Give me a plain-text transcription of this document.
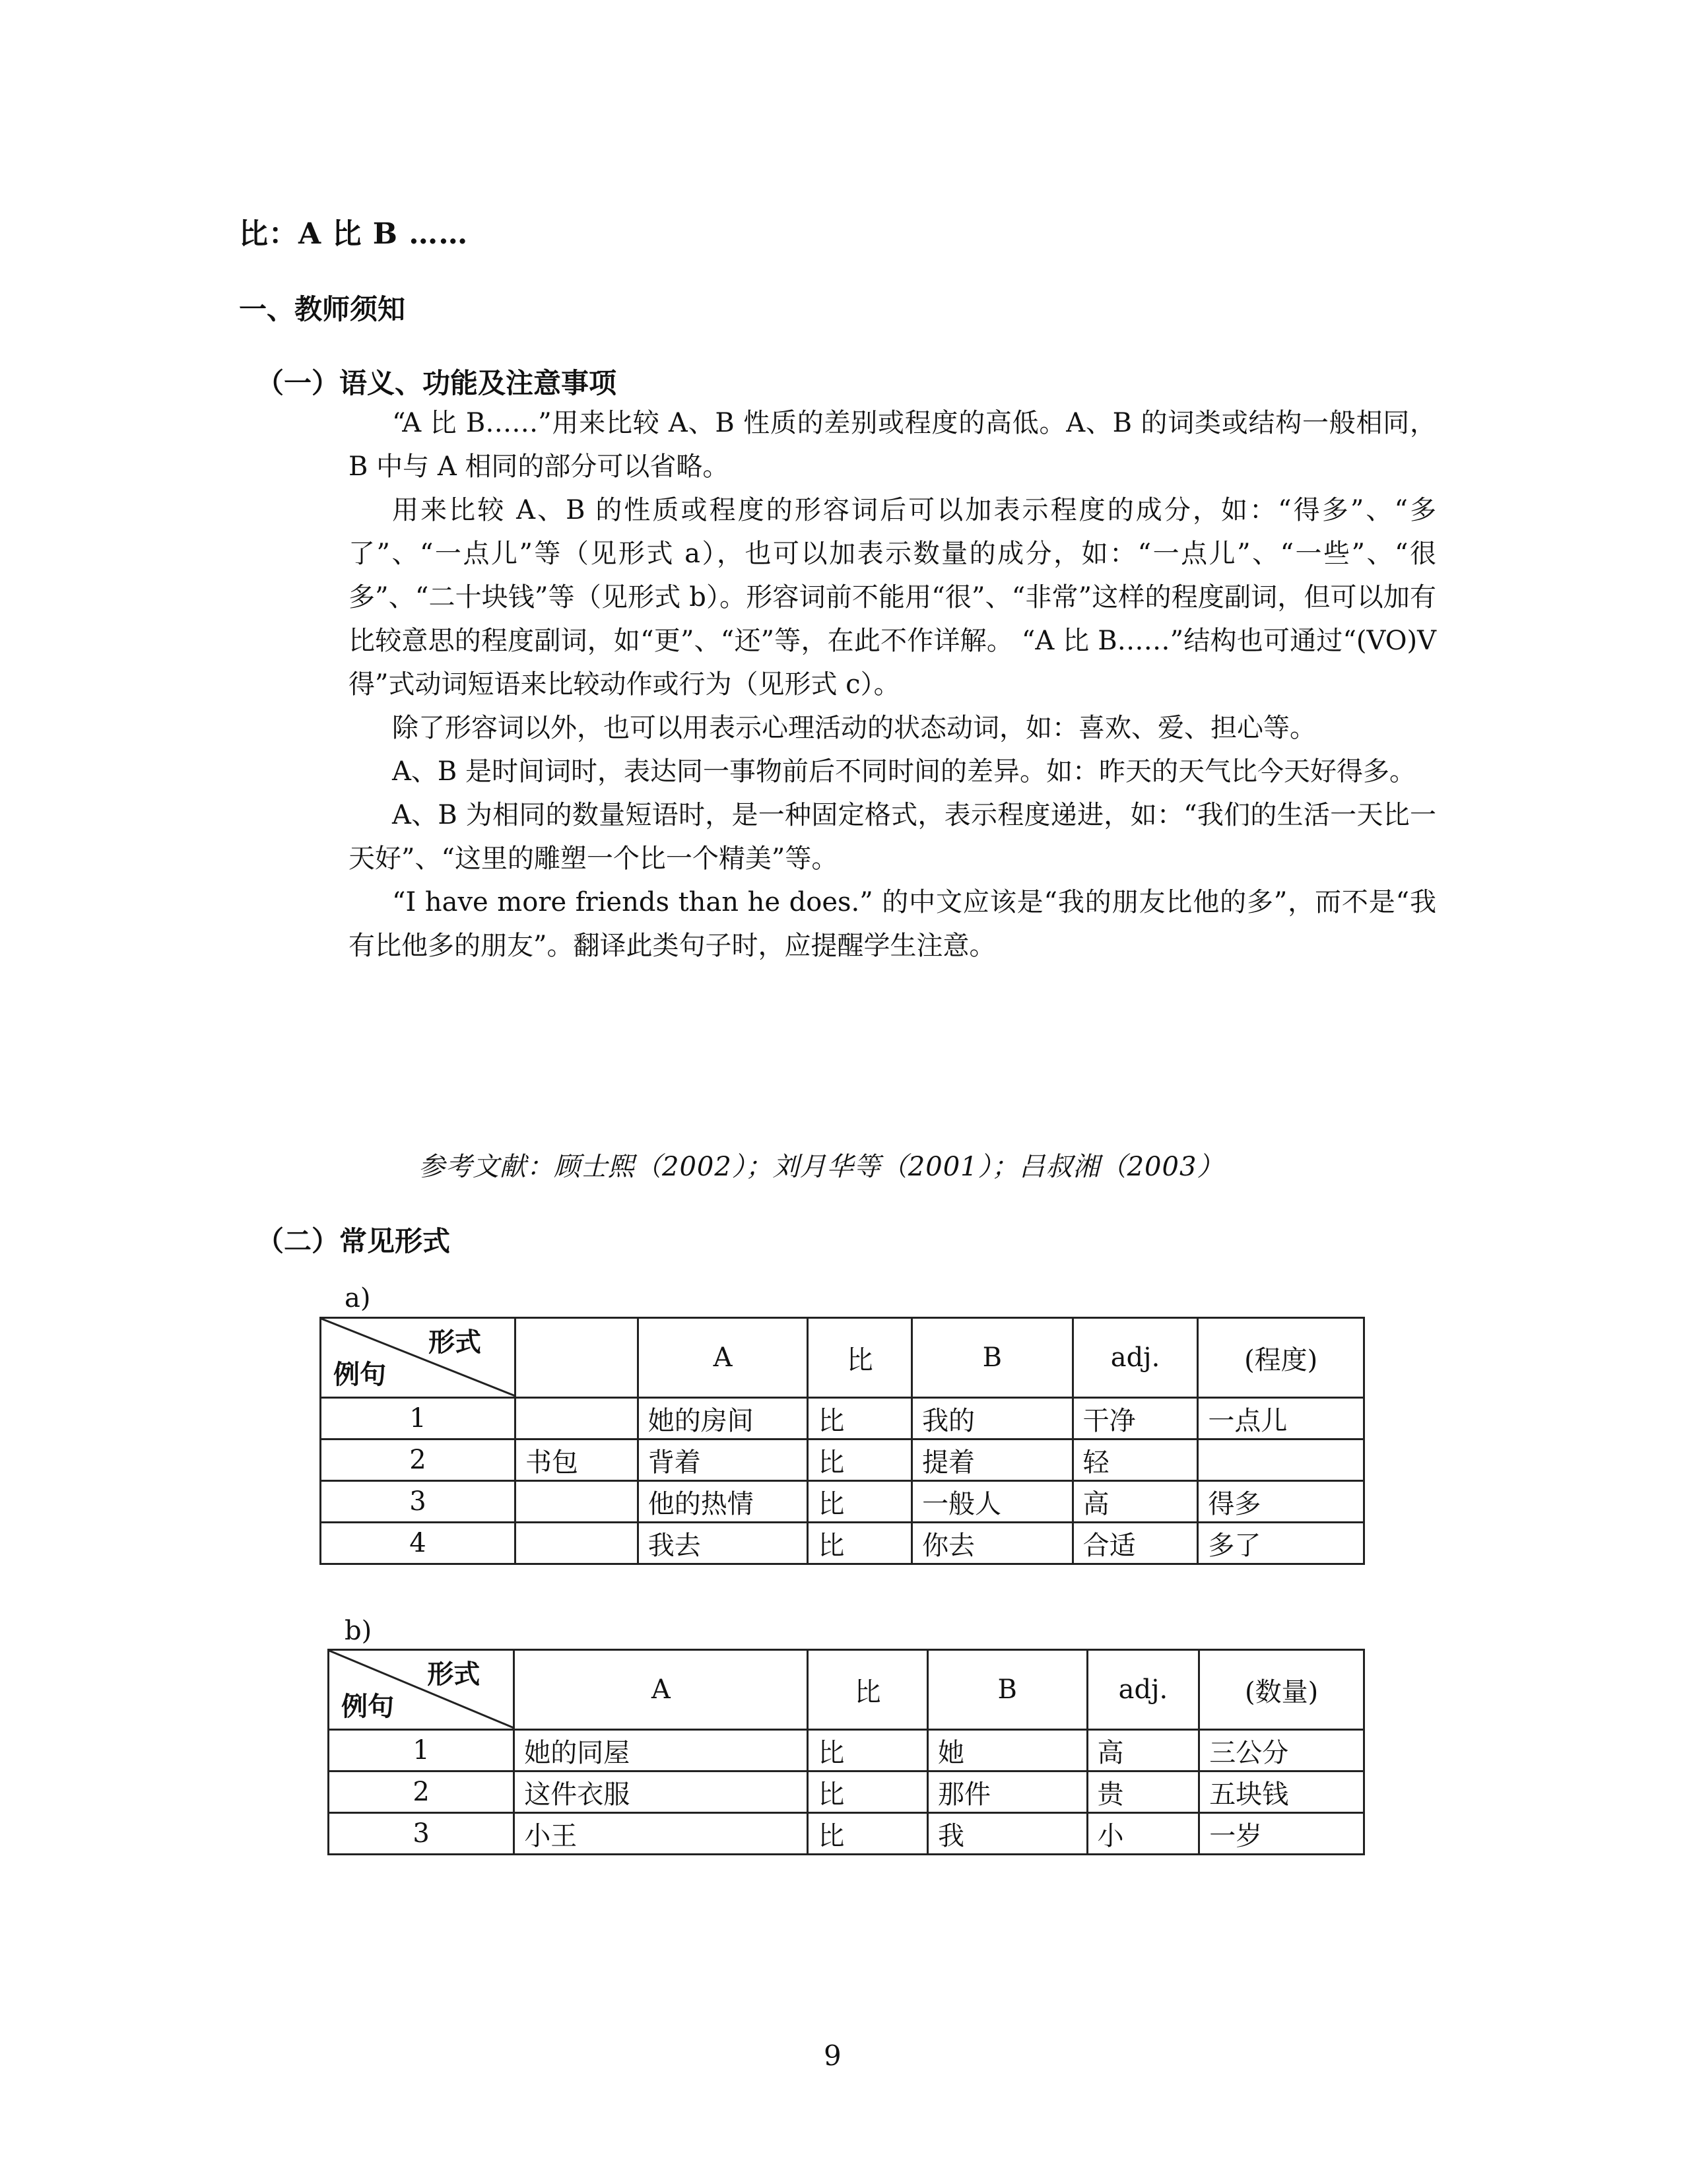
比：A 比 B ……
一、教师须知
（一）语义、功能及注意事项

“A 比 B……”用来比较 A、B 性质的差别或程度的高低。A、B 的词类或结构一般相同，B 中与 A 相同的部分可以省略。

用来比较 A、B 的性质或程度的形容词后可以加表示程度的成分，如：“得多”、“多了”、“一点儿”等（见形式 a），也可以加表示数量的成分，如：“一点儿”、“一些”、“很多”、“二十块钱”等（见形式 b）。形容词前不能用“很”、“非常”这样的程度副词，但可以加有比较意思的程度副词，如“更”、“还”等，在此不作详解。 “A 比 B……”结构也可通过“(VO)V 得”式动词短语来比较动作或行为（见形式 c）。

除了形容词以外，也可以用表示心理活动的状态动词，如：喜欢、爱、担心等。

A、B 是时间词时，表达同一事物前后不同时间的差异。如：昨天的天气比今天好得多。

A、B 为相同的数量短语时，是一种固定格式，表示程度递进，如：“我们的生活一天比一天好”、“这里的雕塑一个比一个精美”等。

“I have more friends than he does.” 的中文应该是“我的朋友比他的多”，而不是“我有比他多的朋友”。翻译此类句子时，应提醒学生注意。

参考文献：顾士熙（2002）；刘月华等（2001）；吕叔湘（2003）
（二）常见形式
a)
形式
例句		A	比	B	adj.	(程度)
1		她的房间	比	我的	干净	一点儿
2	书包	背着	比	提着	轻	
3		他的热情	比	一般人	高	得多
4		我去	比	你去	合适	多了
b)
形式
例句	A	比	B	adj.	(数量)
1	她的同屋	比	她	高	三公分
2	这件衣服	比	那件	贵	五块钱
3	小王	比	我	小	一岁
9
